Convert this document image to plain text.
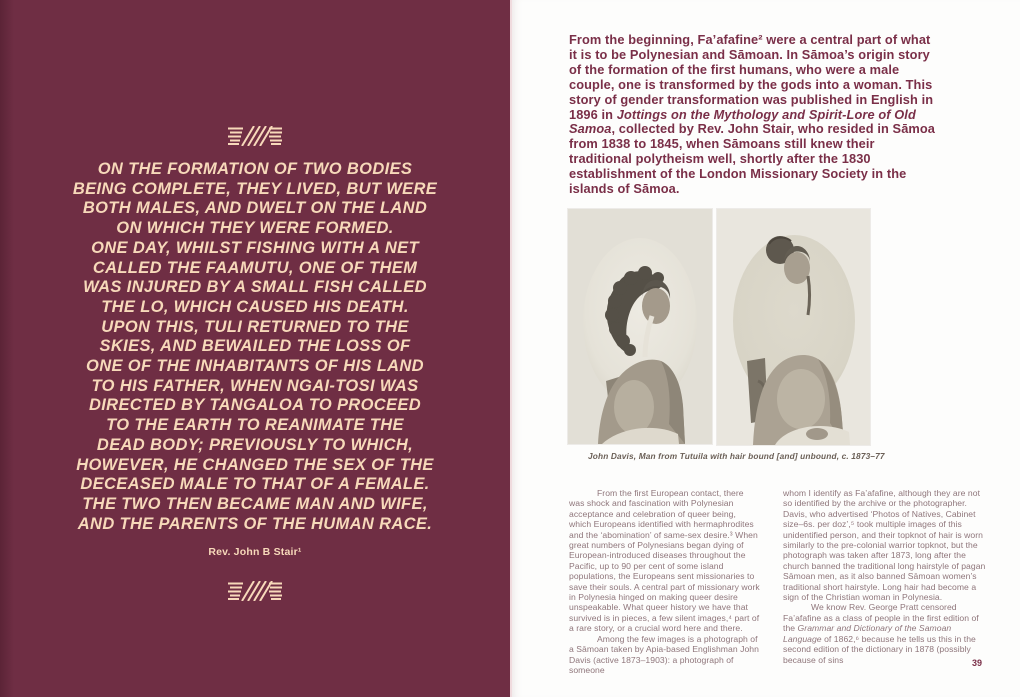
ON THE FORMATION OF TWO BODIES
BEING COMPLETE, THEY LIVED, BUT WERE
BOTH MALES, AND DWELT ON THE LAND
ON WHICH THEY WERE FORMED.
ONE DAY, WHILST FISHING WITH A NET
CALLED THE FAAMUTU, ONE OF THEM
WAS INJURED BY A SMALL FISH CALLED
THE LO, WHICH CAUSED HIS DEATH.
UPON THIS, TULI RETURNED TO THE
SKIES, AND BEWAILED THE LOSS OF
ONE OF THE INHABITANTS OF HIS LAND
TO HIS FATHER, WHEN NGAI-TOSI WAS
DIRECTED BY TANGALOA TO PROCEED
TO THE EARTH TO REANIMATE THE
DEAD BODY; PREVIOUSLY TO WHICH,
HOWEVER, HE CHANGED THE SEX OF THE
DECEASED MALE TO THAT OF A FEMALE.
THE TWO THEN BECAME MAN AND WIFE,
AND THE PARENTS OF THE HUMAN RACE.
Rev. John B Stair¹
From the beginning, Fa’afafine² were a central part of what it is to be Polynesian and Sāmoan. In Sāmoa’s origin story of the formation of the first humans, who were a male couple, one is transformed by the gods into a woman. This story of gender transformation was published in English in 1896 in Jottings on the Mythology and Spirit-Lore of Old Samoa, collected by Rev. John Stair, who resided in Sāmoa from 1838 to 1845, when Sāmoans still knew their traditional polytheism well, shortly after the 1830 establishment of the London Missionary Society in the islands of Sāmoa.
John Davis, Man from Tutuila with hair bound [and] unbound, c. 1873–77

From the first European contact, there was shock and fascination with Polynesian acceptance and celebration of queer being, which Europeans identified with hermaphrodites and the ‘abomination’ of same-sex desire.³ When great numbers of Polynesians began dying of European-introduced diseases throughout the Pacific, up to 90 per cent of some island populations, the Europeans sent missionaries to save their souls. A central part of missionary work in Polynesia hinged on making queer desire unspeakable. What queer history we have that survived is in pieces, a few silent images,⁴ part of a rare story, or a crucial word here and there.

Among the few images is a photograph of a Sāmoan taken by Apia-based Englishman John Davis (active 1873–1903): a photograph of someone

whom I identify as Fa’afafine, although they are not so identified by the archive or the photographer. Davis, who advertised ‘Photos of Natives, Cabinet size–6s. per doz’,⁵ took multiple images of this unidentified person, and their topknot of hair is worn similarly to the pre-colonial warrior topknot, but the photograph was taken after 1873, long after the church banned the traditional long hairstyle of pagan Sāmoan men, as it also banned Sāmoan women’s traditional short hairstyle. Long hair had become a sign of the Christian woman in Polynesia.

We know Rev. George Pratt censored Fa’afafine as a class of people in the first edition of the Grammar and Dictionary of the Samoan Language of 1862,⁶ because he tells us this in the second edition of the dictionary in 1878 (possibly because of sins	39
